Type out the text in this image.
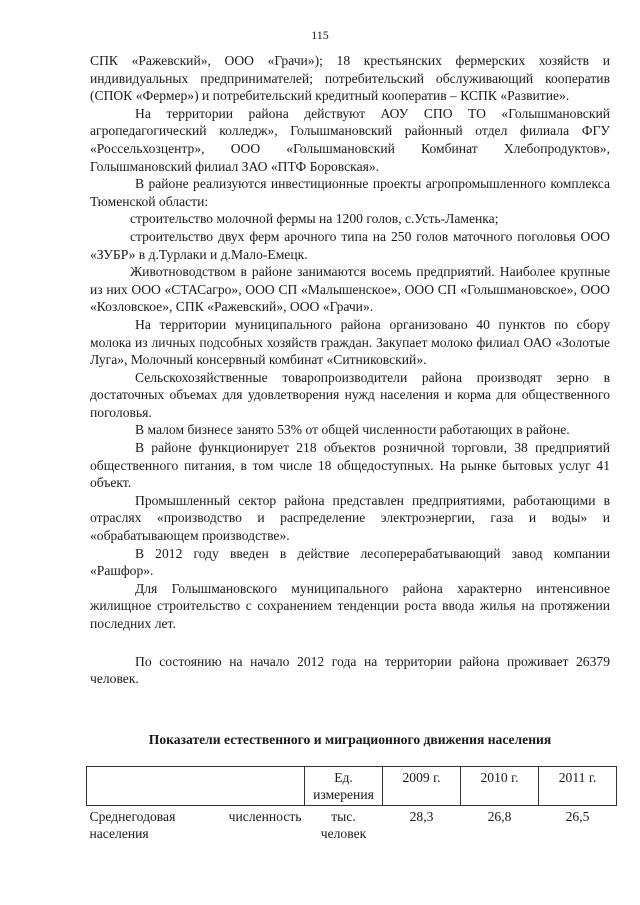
115

СПК «Ражевский», ООО «Грачи»); 18 крестьянских фермерских хозяйств и индивидуальных предпринимателей; потребительский обслуживающий кооператив (СПОК «Фермер») и потребительский кредитный кооператив – КСПК «Развитие».

На территории района действуют АОУ СПО ТО «Голышмановский агропедагогический колледж», Голышмановский районный отдел филиала ФГУ «Россельхозцентр», ООО «Голышмановский Комбинат Хлебопродуктов», Голышмановский филиал ЗАО «ПТФ Боровская».

В районе реализуются инвестиционные проекты агропромышленного комплекса Тюменской области:

строительство молочной фермы на 1200 голов, с.Усть-Ламенка;

строительство двух ферм арочного типа на 250 голов маточного поголовья ООО «ЗУБР» в д.Турлаки и д.Мало-Емецк.

Животноводством в районе занимаются восемь предприятий. Наиболее крупные из них ООО «СТАСагро», ООО СП «Малышенское», ООО СП «Голышмановское», ООО «Козловское», СПК «Ражевский», ООО «Грачи».

На территории муниципального района организовано 40 пунктов по сбору молока из личных подсобных хозяйств граждан. Закупает молоко филиал ОАО «Золотые Луга», Молочный консервный комбинат «Ситниковский».

Сельскохозяйственные товаропроизводители района производят зерно в достаточных объемах для удовлетворения нужд населения и корма для общественного поголовья.

В малом бизнесе занято 53% от общей численности работающих в районе.

В районе функционирует 218 объектов розничной торговли, 38 предприятий общественного питания, в том числе 18 общедоступных. На рынке бытовых услуг 41 объект.

Промышленный сектор района представлен предприятиями, работающими в отраслях «производство и распределение электроэнергии, газа и воды» и «обрабатывающем производстве».

В 2012 году введен в действие лесоперерабатывающий завод компании «Рашфор».

Для Голышмановского муниципального района характерно интенсивное жилищное строительство с сохранением тенденции роста ввода жилья на протяжении последних лет.

По состоянию на начало 2012 года на территории района проживает 26379 человек.

Показатели естественного и миграционного движения населения
	Ед. измерения	2009 г.	2010 г.	2011 г.

Среднегодовая численность
населения	тыс. человек	28,3	26,8	26,5
